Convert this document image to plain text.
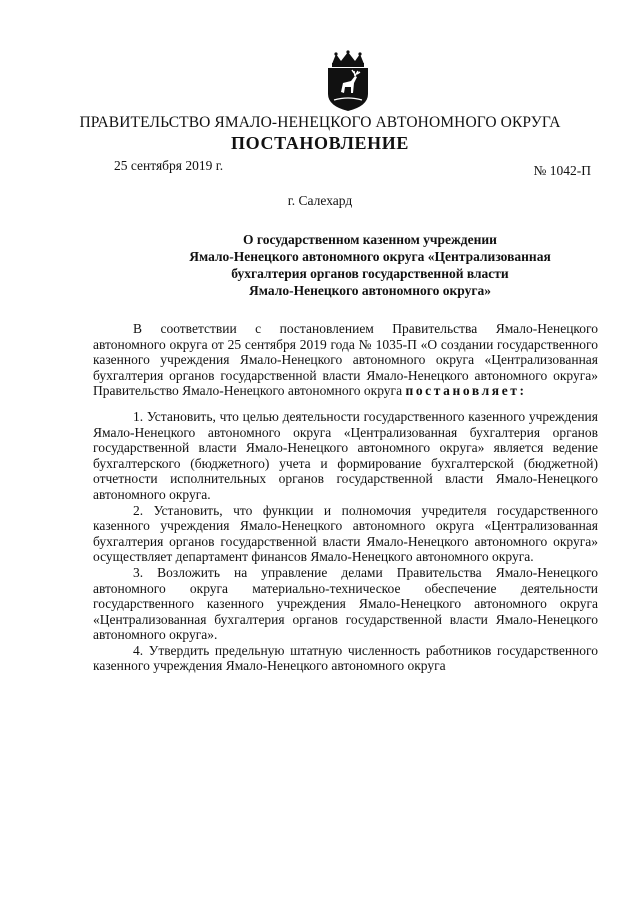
ПРАВИТЕЛЬСТВО ЯМАЛО-НЕНЕЦКОГО АВТОНОМНОГО ОКРУГА
ПОСТАНОВЛЕНИЕ
25 сентября 2019 г.	№ 1042-П
г. Салехард
О государственном казенном учреждении
Ямало-Ненецкого автономного округа «Централизованная
бухгалтерия органов государственной власти
Ямало-Ненецкого автономного округа»

В соответствии с постановлением Правительства Ямало-Ненецкого автономного округа от 25 сентября 2019 года № 1035-П «О создании государственного казенного учреждения Ямало-Ненецкого автономного округа «Централизованная бухгалтерия органов государственной власти Ямало-Ненецкого автономного округа» Правительство Ямало-Ненецкого автономного округа постановляет:

1. Установить, что целью деятельности государственного казенного учреждения Ямало-Ненецкого автономного округа «Централизованная бухгалтерия органов государственной власти Ямало-Ненецкого автономного округа» является ведение бухгалтерского (бюджетного) учета и формирование бухгалтерской (бюджетной) отчетности исполнительных органов государственной власти Ямало-Ненецкого автономного округа.

2. Установить, что функции и полномочия учредителя государственного казенного учреждения Ямало-Ненецкого автономного округа «Централизованная бухгалтерия органов государственной власти Ямало-Ненецкого автономного округа» осуществляет департамент финансов Ямало-Ненецкого автономного округа.

3. Возложить на управление делами Правительства Ямало-Ненецкого автономного округа материально-техническое обеспечение деятельности государственного казенного учреждения Ямало-Ненецкого автономного округа «Централизованная бухгалтерия органов государственной власти Ямало-Ненецкого автономного округа».

4. Утвердить предельную штатную численность работников государственного казенного учреждения Ямало-Ненецкого автономного округа
